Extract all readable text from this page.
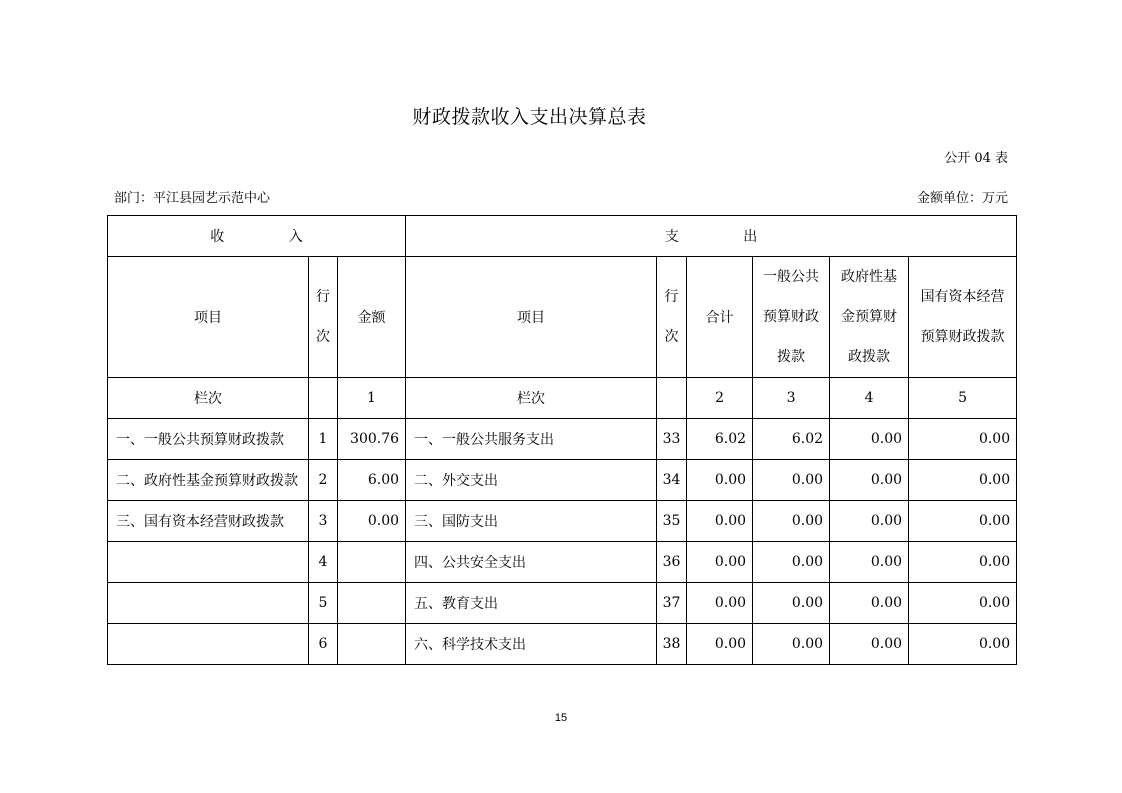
财政拨款收入支出决算总表
公开 04 表
部门：平江县园艺示范中心	金额单位：万元
收 入			支 出					
项目	行次	金额	项目	行次	合计	一般公共预算财政拨款	政府性基金预算财政拨款	国有资本经营预算财政拨款

栏次		1	栏次		2	3	4	5
一、一般公共预算财政拨款	1	300.76	一、一般公共服务支出	33	6.02	6.02	0.00	0.00
二、政府性基金预算财政拨款	2	6.00	二、外交支出	34	0.00	0.00	0.00	0.00
三、国有资本经营财政拨款	3	0.00	三、国防支出	35	0.00	0.00	0.00	0.00
	4		四、公共安全支出	36	0.00	0.00	0.00	0.00
	5		五、教育支出	37	0.00	0.00	0.00	0.00
	6		六、科学技术支出	38	0.00	0.00	0.00	0.00
15
